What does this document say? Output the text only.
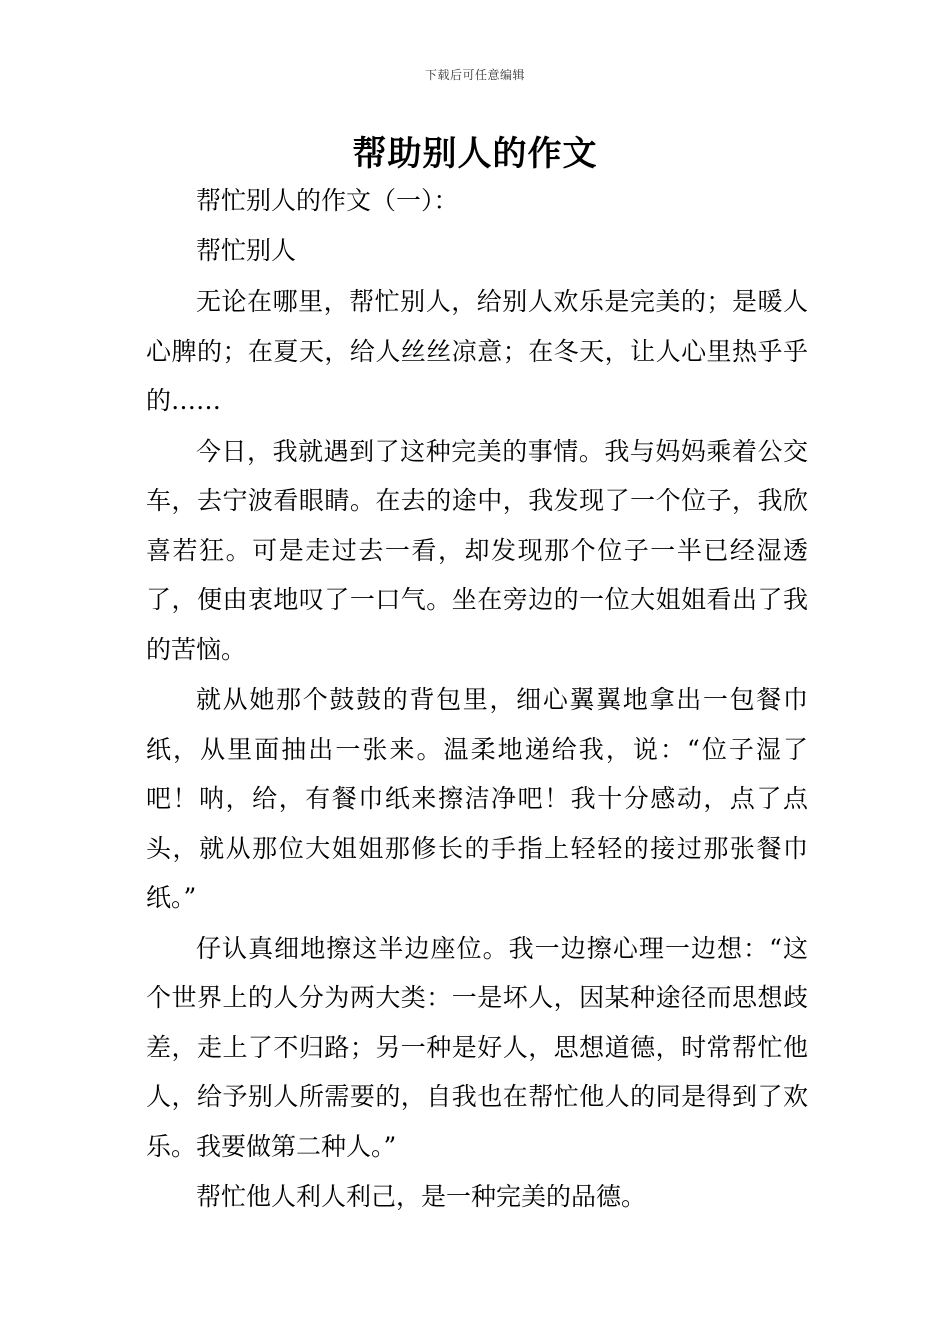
下载后可任意编辑
帮助别人的作文

帮忙别人的作文（一）：

帮忙别人

无论在哪里，帮忙别人，给别人欢乐是完美的；是暖人心脾的；在夏天，给人丝丝凉意；在冬天，让人心里热乎乎的……

今日，我就遇到了这种完美的事情。我与妈妈乘着公交车，去宁波看眼睛。在去的途中，我发现了一个位子，我欣喜若狂。可是走过去一看，却发现那个位子一半已经湿透了，便由衷地叹了一口气。坐在旁边的一位大姐姐看出了我的苦恼。

就从她那个鼓鼓的背包里，细心翼翼地拿出一包餐巾纸，从里面抽出一张来。温柔地递给我，说：“位子湿了吧！呐，给，有餐巾纸来擦洁净吧！我十分感动，点了点头，就从那位大姐姐那修长的手指上轻轻的接过那张餐巾纸。”

仔认真细地擦这半边座位。我一边擦心理一边想：“这个世界上的人分为两大类：一是坏人，因某种途径而思想歧差，走上了不归路；另一种是好人，思想道德，时常帮忙他人，给予别人所需要的，自我也在帮忙他人的同是得到了欢乐。我要做第二种人。”

帮忙他人利人利己，是一种完美的品德。
